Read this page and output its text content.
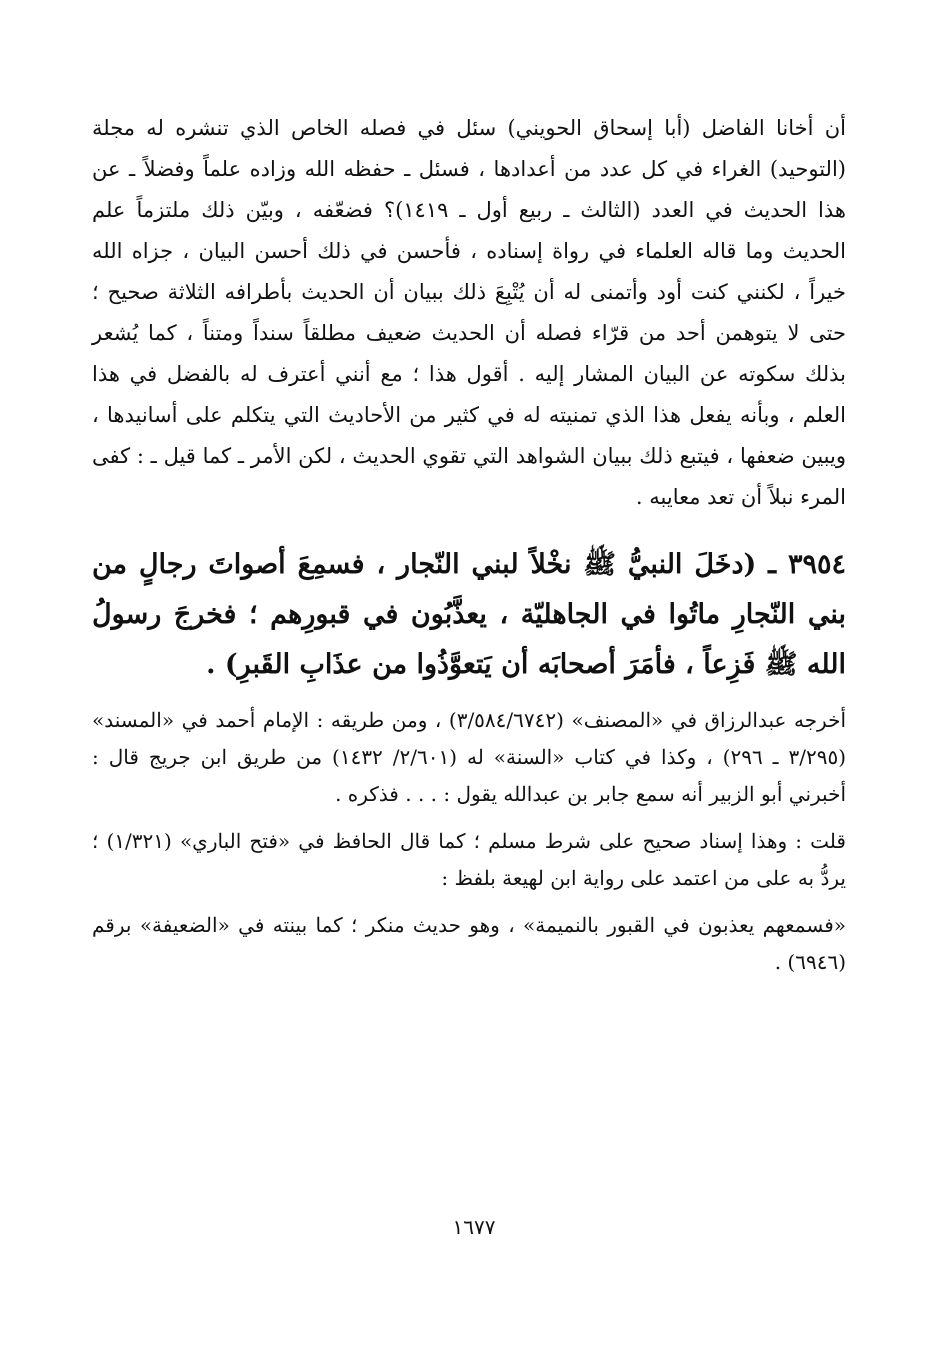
أن أخانا الفاضل (أبا إسحاق الحويني) سئل في فصله الخاص الذي تنشره له مجلة (التوحيد) الغراء في كل عدد من أعدادها ، فسئل ـ حفظه الله وزاده علماً وفضلاً ـ عن هذا الحديث في العدد (الثالث ـ ربيع أول ـ ١٤١٩)؟ فضعّفه ، وبيّن ذلك ملتزماً علم الحديث وما قاله العلماء في رواة إسناده ، فأحسن في ذلك أحسن البيان ، جزاه الله خيراً ، لكنني كنت أود وأتمنى له أن يُتْبِعَ ذلك ببيان أن الحديث بأطرافه الثلاثة صحيح ؛ حتى لا يتوهمن أحد من قرّاء فصله أن الحديث ضعيف مطلقاً سنداً ومتناً ، كما يُشعر بذلك سكوته عن البيان المشار إليه . أقول هذا ؛ مع أنني أعترف له بالفضل في هذا العلم ، وبأنه يفعل هذا الذي تمنيته له في كثير من الأحاديث التي يتكلم على أسانيدها ، ويبين ضعفها ، فيتبع ذلك ببيان الشواهد التي تقوي الحديث ، لكن الأمر ـ كما قيل ـ : كفى المرء نبلاً أن تعد معايبه .

٣٩٥٤ ـ (دخَلَ النبيُّ ﷺ نخْلاً لبني النّجار ، فسمِعَ أصواتَ رجالٍ من بني النّجارِ ماتُوا في الجاهليّة ، يعذَّبُون في قبورِهم ؛ فخرجَ رسولُ الله ﷺ فَزِعاً ، فأمَرَ أصحابَه أن يَتعوَّذُوا من عذَابِ القَبرِ) .

أخرجه عبدالرزاق في «المصنف» (٣/٥٨٤/٦٧٤٢) ، ومن طريقه : الإمام أحمد في «المسند» (٣/٢٩٥ ـ ٢٩٦) ، وكذا في كتاب «السنة» له (٢/٦٠١/ ١٤٣٢) من طريق ابن جريج قال : أخبرني أبو الزبير أنه سمع جابر بن عبدالله يقول : . . . فذكره .

قلت : وهذا إسناد صحيح على شرط مسلم ؛ كما قال الحافظ في «فتح الباري» (١/٣٢١) ؛ يردُّ به على من اعتمد على رواية ابن لهيعة بلفظ :

«فسمعهم يعذبون في القبور بالنميمة» ، وهو حديث منكر ؛ كما بينته في «الضعيفة» برقم (٦٩٤٦) .

١٦٧٧
